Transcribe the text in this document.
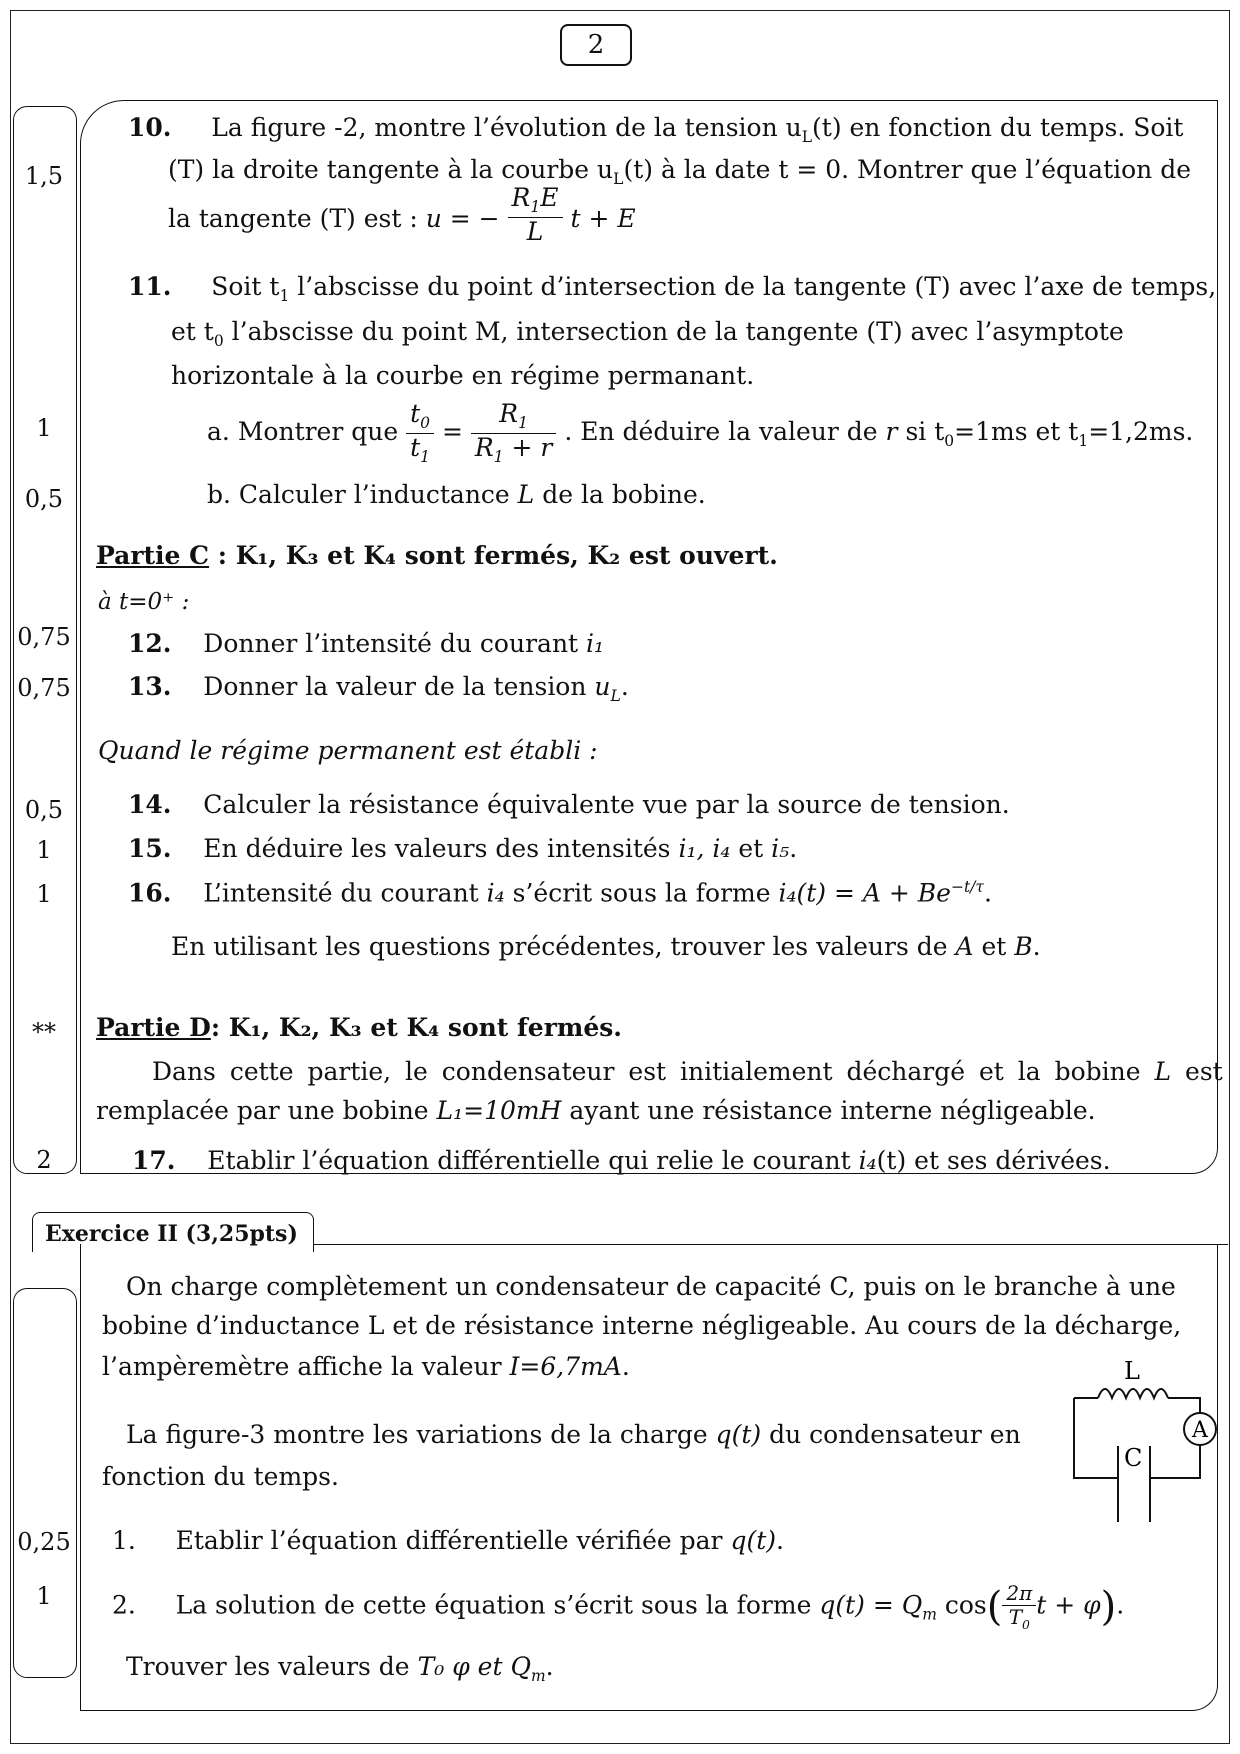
2
1,5
1
0,5
0,75
0,75
0,5
1
1
**
2
10. La figure -2, montre l’évolution de la tension $u_L(t)$ en fonction du temps. Soit
(T) la droite tangente à la courbe $u_L(t)$ à la date t = 0. Montrer que l’équation de
la tangente (T) est : u = − $\frac{R_1E}{L}$ t + E
11. Soit $t_1$ l’abscisse du point d’intersection de la tangente (T) avec l’axe de temps,
et $t_0$ l’abscisse du point M, intersection de la tangente (T) avec l’asymptote
horizontale à la courbe en régime permanant.
a. Montrer que $\frac{t_0}{t_1} = \frac{R_1}{R_1 + r}$ . En déduire la valeur de r si $t_0=1ms$ et $t_1=1,2ms$.
b. Calculer l’inductance L de la bobine.
Partie C : K₁, K₃ et K₄ sont fermés, K₂ est ouvert.
à t=0⁺ :
12. Donner l’intensité du courant i₁
13. Donner la valeur de la tension $u_L$.
Quand le régime permanent est établi :
14. Calculer la résistance équivalente vue par la source de tension.
15. En déduire les valeurs des intensités i₁, i₄ et i₅.
16. L’intensité du courant i₄ s’écrit sous la forme $i_4(t) = A + Be^{-t/\tau}$.
En utilisant les questions précédentes, trouver les valeurs de A et B.
Partie D: K₁, K₂, K₃ et K₄ sont fermés.
Dans cette partie, le condensateur est initialement déchargé et la bobine L est
remplacée par une bobine L₁=10mH ayant une résistance interne négligeable.
17. Etablir l’équation différentielle qui relie le courant i₄(t) et ses dérivées.
Exercice II (3,25pts)
0,25
1
On charge complètement un condensateur de capacité C, puis on le branche à une
bobine d’inductance L et de résistance interne négligeable. Au cours de la décharge,
l’ampèremètre affiche la valeur I=6,7mA.
La figure-3 montre les variations de la charge q(t) du condensateur en
fonction du temps.
1. Etablir l’équation différentielle vérifiée par q(t).
2. La solution de cette équation s’écrit sous la forme $q(t) = Q_m$ $\cos( \frac{2\pi}{T_0}$ t + φ).
Trouver les valeurs de T₀ φ et $Q_m$.
L
C
A
